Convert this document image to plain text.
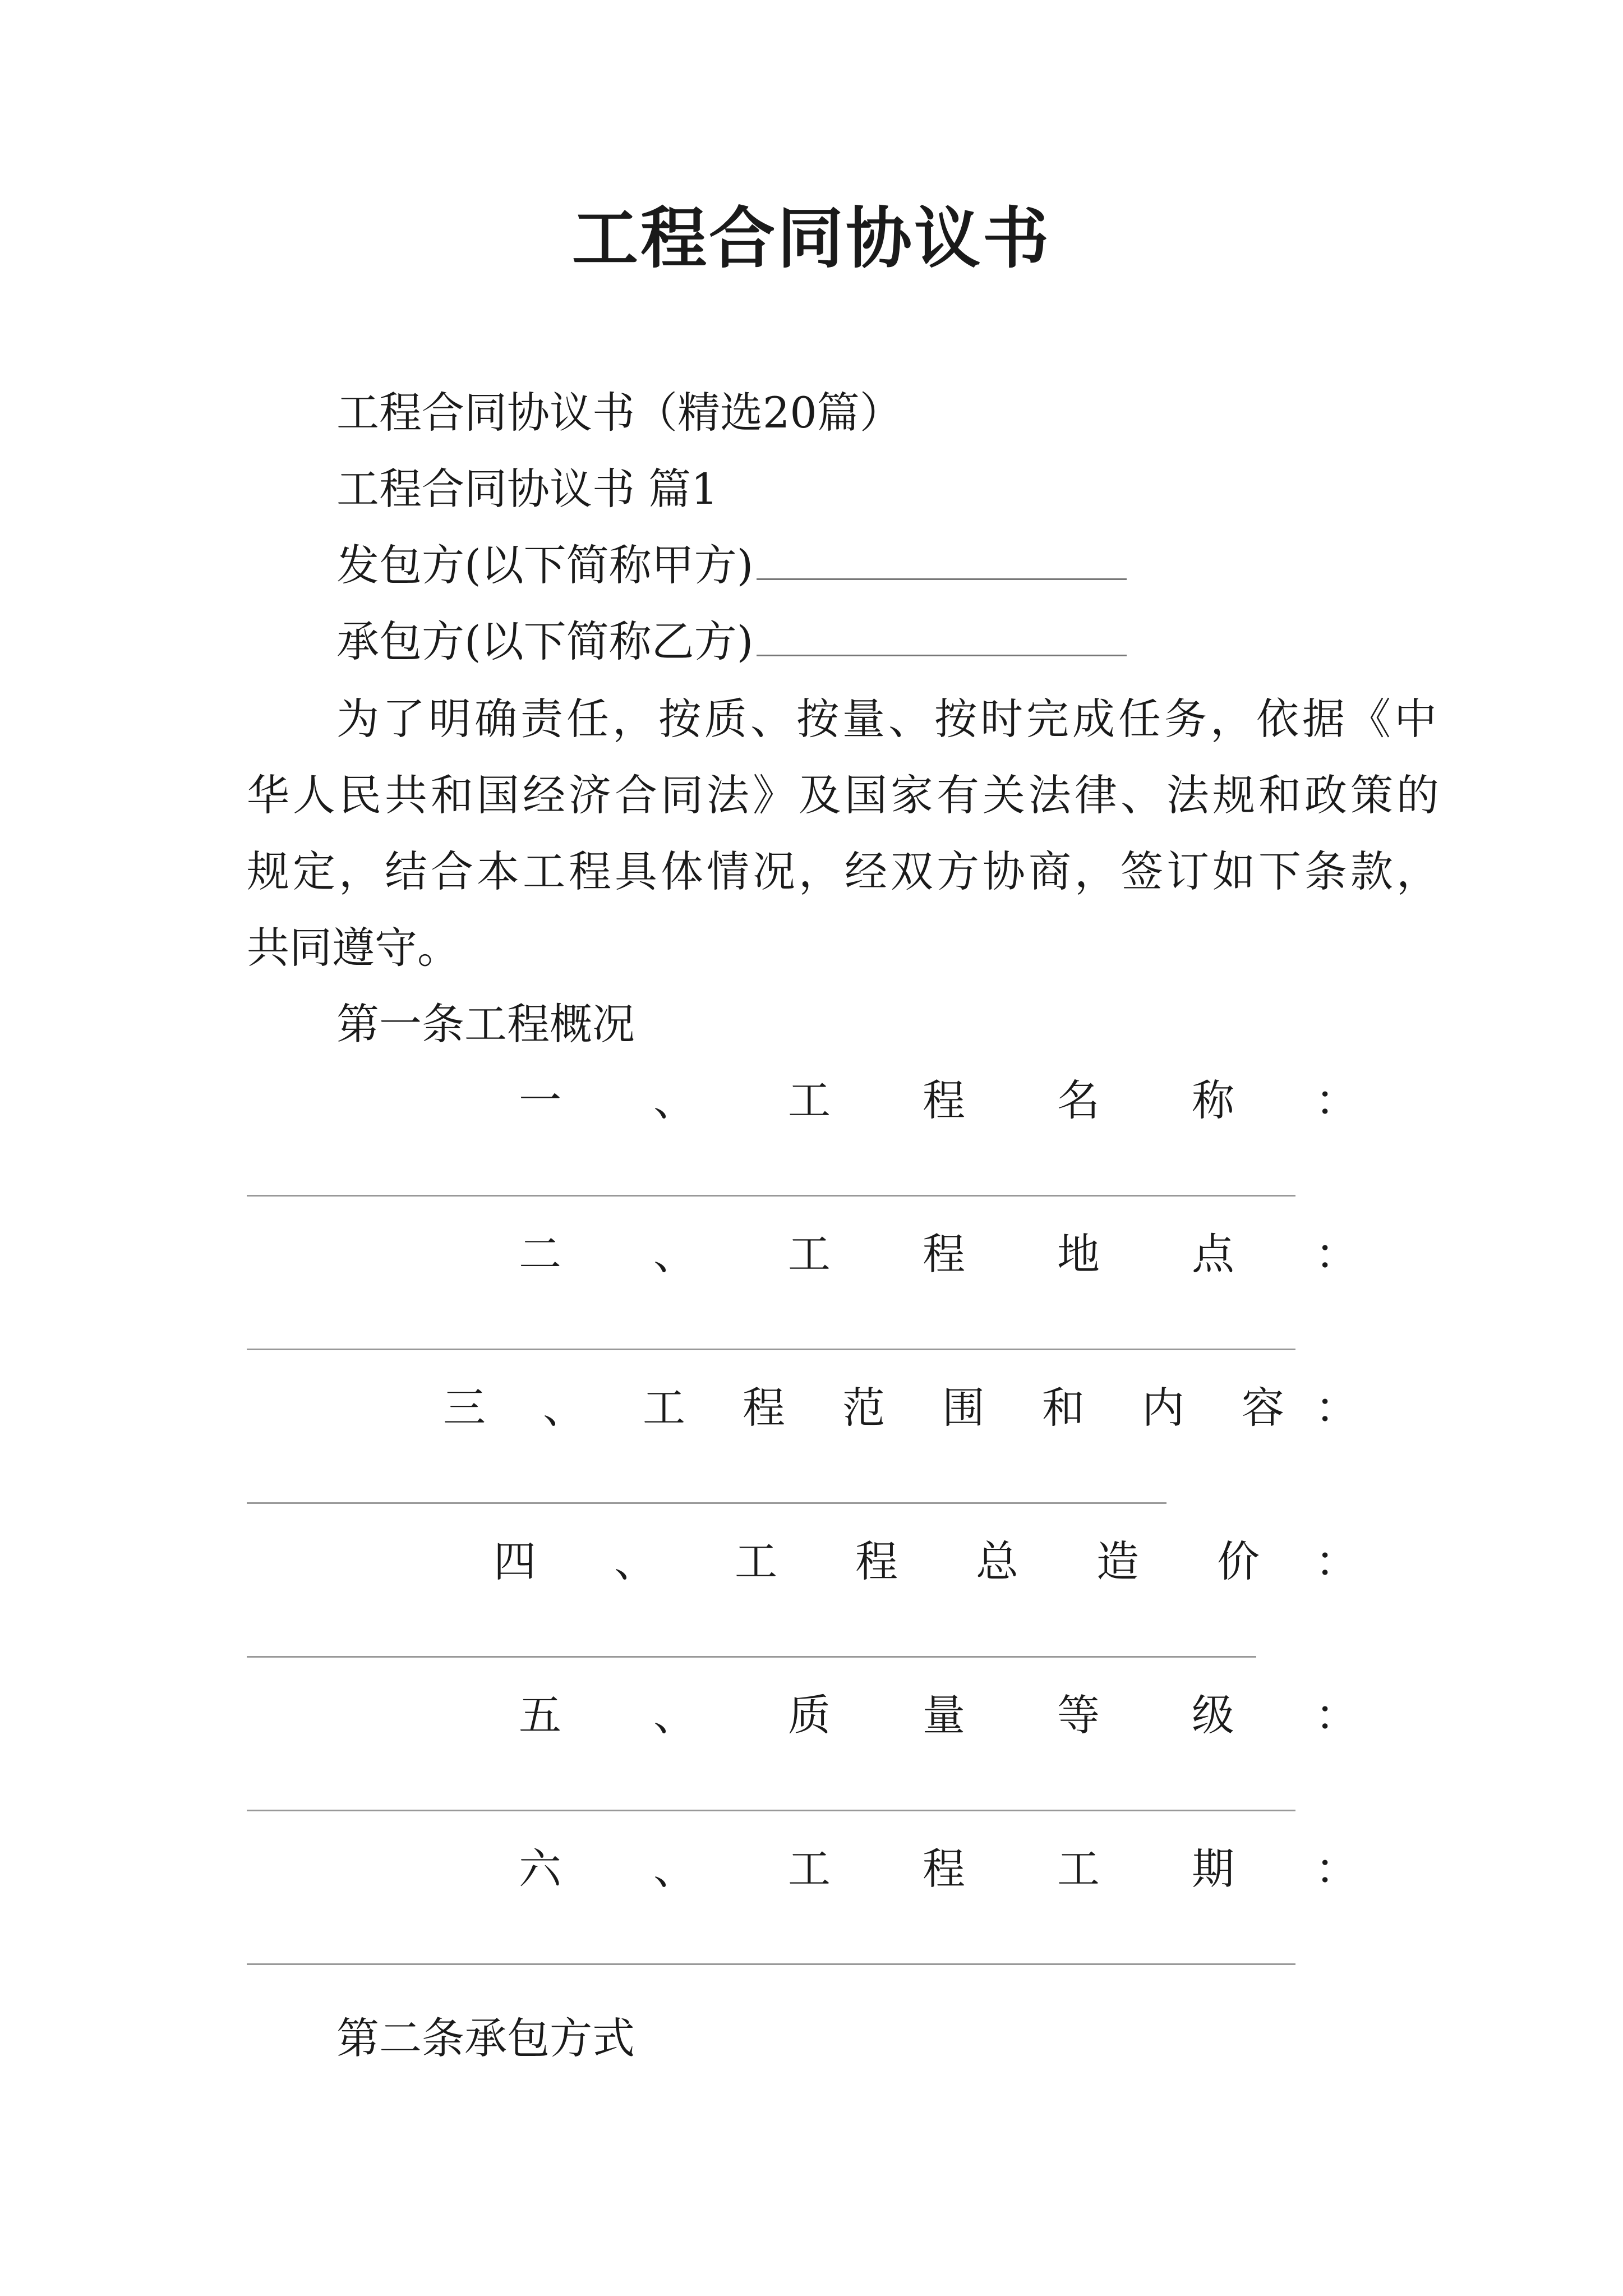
工程合同协议书
工程合同协议书（精选20篇）
工程合同协议书 篇1
发包方(以下简称甲方)
承包方(以下简称乙方)
为了明确责任，按质、按量、按时完成任务，依据《中
华人民共和国经济合同法》及国家有关法律、法规和政策的
规定，结合本工程具体情况，经双方协商，签订如下条款，
共同遵守。
第一条工程概况
一 、 工 程 名 称 ：
二 、 工 程 地 点 ：
三 、 工 程 范 围 和 内 容 ：
四 、 工 程 总 造 价 ：
五 、 质 量 等 级 ：
六 、 工 程 工 期 ：
第二条承包方式
